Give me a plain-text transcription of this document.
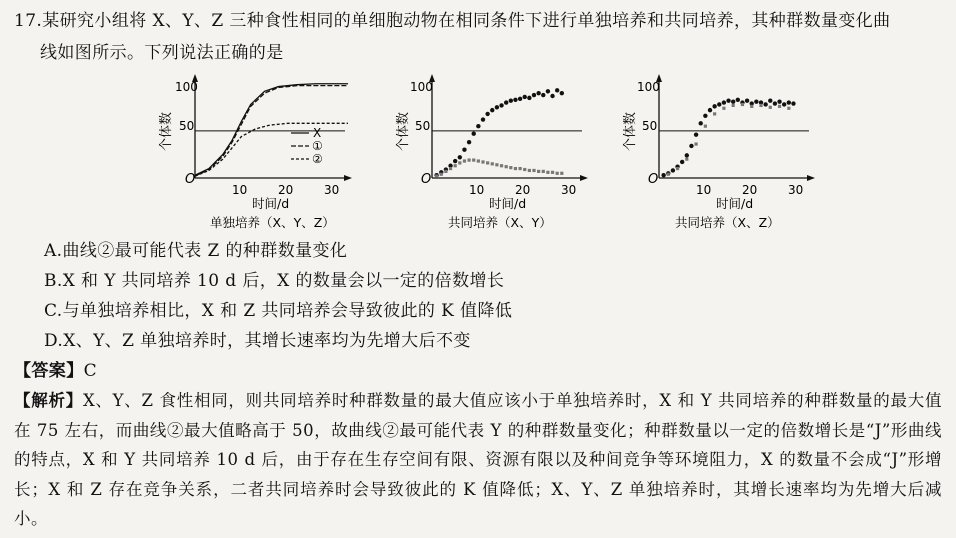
17.某研究小组将 X、Y、Z 三种食性相同的单细胞动物在相同条件下进行单独培养和共同培养，其种群数量变化曲
线如图所示。下列说法正确的是
个体数
O
100
50
10	20	30
时间/d
单独培养（X、Y、Z）
X
①
②
个体数
O
100
50
10	20	30
时间/d
共同培养（X、Y）
个体数
O
100
50
10	20	30
时间/d
共同培养（X、Z）
A.曲线②最可能代表 Z 的种群数量变化
B.X 和 Y 共同培养 10 d 后，X 的数量会以一定的倍数增长
C.与单独培养相比，X 和 Z 共同培养会导致彼此的 K 值降低
D.X、Y、Z 单独培养时，其增长速率均为先增大后不变
【答案】C
【解析】X、Y、Z 食性相同，则共同培养时种群数量的最大值应该小于单独培养时，X 和 Y 共同培养的种群数量的最大值在 75 左右，而曲线②最大值略高于 50，故曲线②最可能代表 Y 的种群数量变化；种群数量以一定的倍数增长是“J”形曲线的特点，X 和 Y 共同培养 10 d 后，由于存在生存空间有限、资源有限以及种间竞争等环境阻力，X 的数量不会成“J”形增长；X 和 Z 存在竞争关系，二者共同培养时会导致彼此的 K 值降低；X、Y、Z 单独培养时，其增长速率均为先增大后减小。
